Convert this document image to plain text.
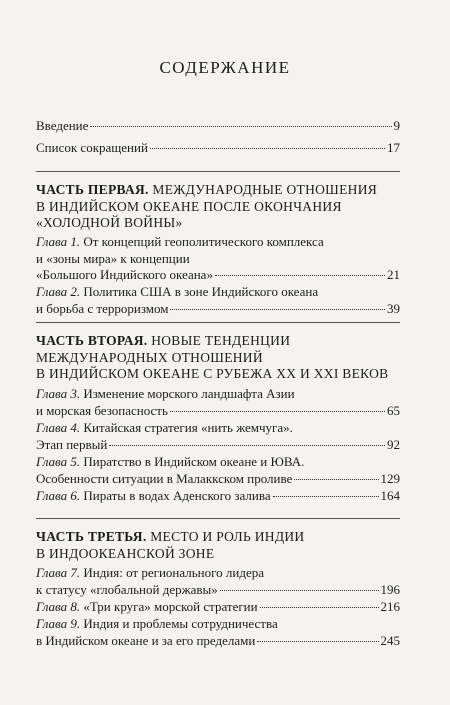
СОДЕРЖАНИЕ
Введение	9
Список сокращений	17
ЧАСТЬ ПЕРВАЯ. МЕЖДУНАРОДНЫЕ ОТНОШЕНИЯ
В ИНДИЙСКОМ ОКЕАНЕ ПОСЛЕ ОКОНЧАНИЯ
«ХОЛОДНОЙ ВОЙНЫ»
Глава 1. От концепций геополитического комплекса
и «зоны мира» к концепции
«Большого Индийского океана»	21
Глава 2. Политика США в зоне Индийского океана
и борьба с терроризмом	39
ЧАСТЬ ВТОРАЯ. НОВЫЕ ТЕНДЕНЦИИ
МЕЖДУНАРОДНЫХ ОТНОШЕНИЙ
В ИНДИЙСКОМ ОКЕАНЕ С РУБЕЖА XX И XXI ВЕКОВ
Глава 3. Изменение морского ландшафта Азии
и морская безопасность	65
Глава 4. Китайская стратегия «нить жемчуга».
Этап первый	92
Глава 5. Пиратство в Индийском океане и ЮВА.
Особенности ситуации в Малаккском проливе	129
Глава 6.
Пираты в водах Аденского залива	164
ЧАСТЬ ТРЕТЬЯ. МЕСТО И РОЛЬ ИНДИИ
В ИНДООКЕАНСКОЙ ЗОНЕ
Глава 7. Индия: от регионального лидера
к статусу «глобальной державы»	196
Глава 8.
«Три круга» морской стратегии	216
Глава 9. Индия и проблемы сотрудничества
в Индийском океане и за его пределами	245
